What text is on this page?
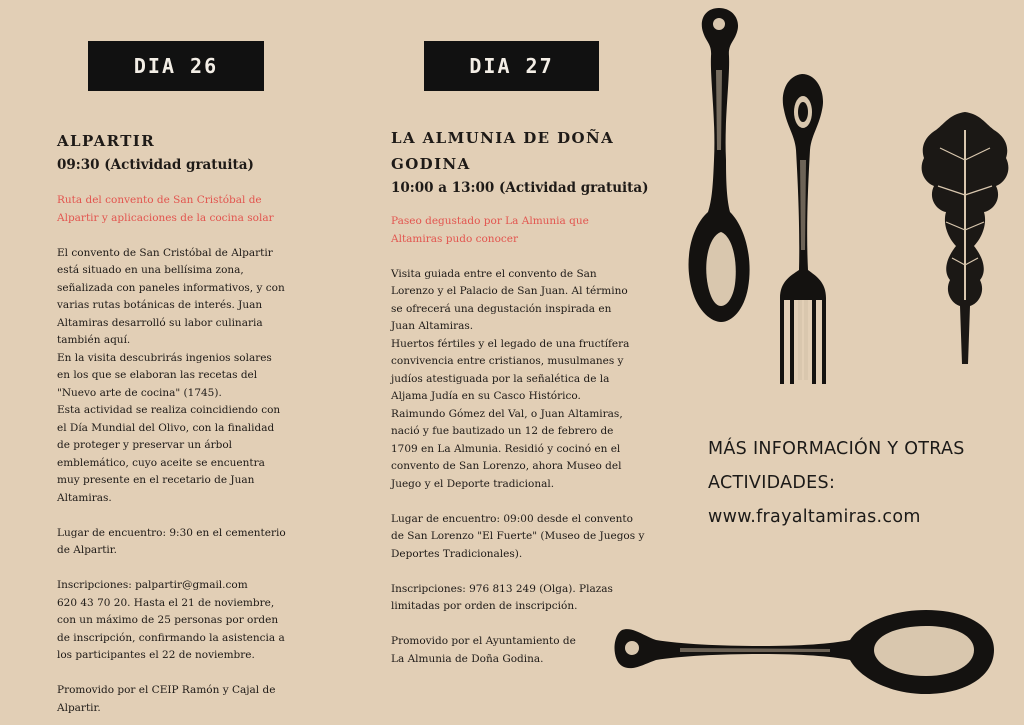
DIA 26	DIA 27
ALPARTIR
09:30 (Actividad gratuita)
Ruta del convento de San Cristóbal de
Alpartir y aplicaciones de la cocina solar
El convento de San Cristóbal de Alpartir
está situado en una bellísima zona,
señalizada con paneles informativos, y con
varias rutas botánicas de interés. Juan
Altamiras desarrolló su labor culinaria
también aquí.
En la visita descubrirás ingenios solares
en los que se elaboran las recetas del
"Nuevo arte de cocina" (1745).
Esta actividad se realiza coincidiendo con
el Día Mundial del Olivo, con la finalidad
de proteger y preservar un árbol
emblemático, cuyo aceite se encuentra
muy presente en el recetario de Juan
Altamiras.
Lugar de encuentro: 9:30 en el cementerio
de Alpartir.
Inscripciones: palpartir@gmail.com
620 43 70 20. Hasta el 21 de noviembre,
con un máximo de 25 personas por orden
de inscripción, confirmando la asistencia a
los participantes el 22 de noviembre.
Promovido por el CEIP Ramón y Cajal de
Alpartir.
LA ALMUNIA DE DOÑA
GODINA
10:00 a 13:00 (Actividad gratuita)
Paseo degustado por La Almunia que
Altamiras pudo conocer
Visita guiada entre el convento de San
Lorenzo y el Palacio de San Juan. Al término
se ofrecerá una degustación inspirada en
Juan Altamiras.
Huertos fértiles y el legado de una fructífera
convivencia entre cristianos, musulmanes y
judíos atestiguada por la señalética de la
Aljama Judía en su Casco Histórico.
Raimundo Gómez del Val, o Juan Altamiras,
nació y fue bautizado un 12 de febrero de
1709 en La Almunia. Residió y cocinó en el
convento de San Lorenzo, ahora Museo del
Juego y el Deporte tradicional.
Lugar de encuentro: 09:00 desde el convento
de San Lorenzo "El Fuerte" (Museo de Juegos y
Deportes Tradicionales).
Inscripciones: 976 813 249 (Olga). Plazas
limitadas por orden de inscripción.
Promovido por el Ayuntamiento de
La Almunia de Doña Godina.
MÁS INFORMACIÓN Y OTRAS
ACTIVIDADES:
www.frayaltamiras.com
